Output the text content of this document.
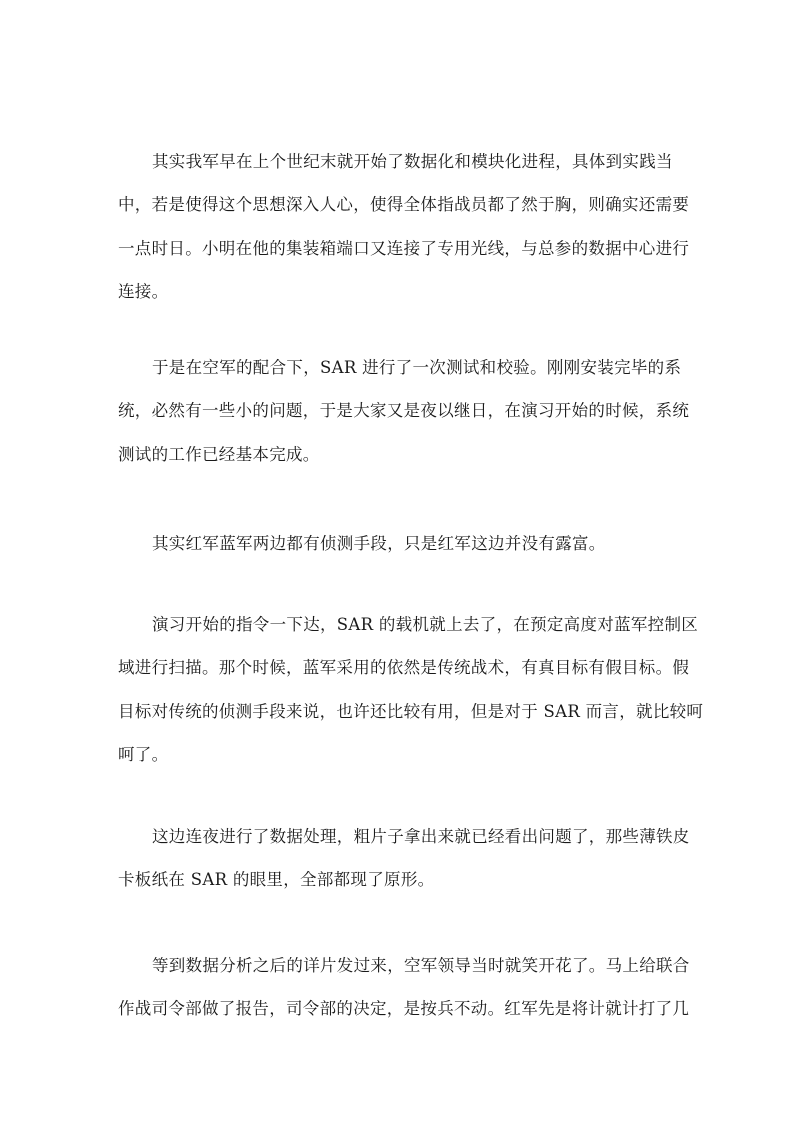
其实我军早在上个世纪末就开始了数据化和模块化进程，具体到实践当
中，若是使得这个思想深入人心，使得全体指战员都了然于胸，则确实还需要
一点时日。小明在他的集装箱端口又连接了专用光线，与总参的数据中心进行
连接。

于是在空军的配合下，SAR 进行了一次测试和校验。刚刚安装完毕的系
统，必然有一些小的问题，于是大家又是夜以继日，在演习开始的时候，系统
测试的工作已经基本完成。

其实红军蓝军两边都有侦测手段，只是红军这边并没有露富。

演习开始的指令一下达，SAR 的载机就上去了，在预定高度对蓝军控制区
域进行扫描。那个时候，蓝军采用的依然是传统战术，有真目标有假目标。假
目标对传统的侦测手段来说，也许还比较有用，但是对于 SAR 而言，就比较呵
呵了。

这边连夜进行了数据处理，粗片子拿出来就已经看出问题了，那些薄铁皮
卡板纸在 SAR 的眼里，全部都现了原形。

等到数据分析之后的详片发过来，空军领导当时就笑开花了。马上给联合
作战司令部做了报告，司令部的决定，是按兵不动。红军先是将计就计打了几
